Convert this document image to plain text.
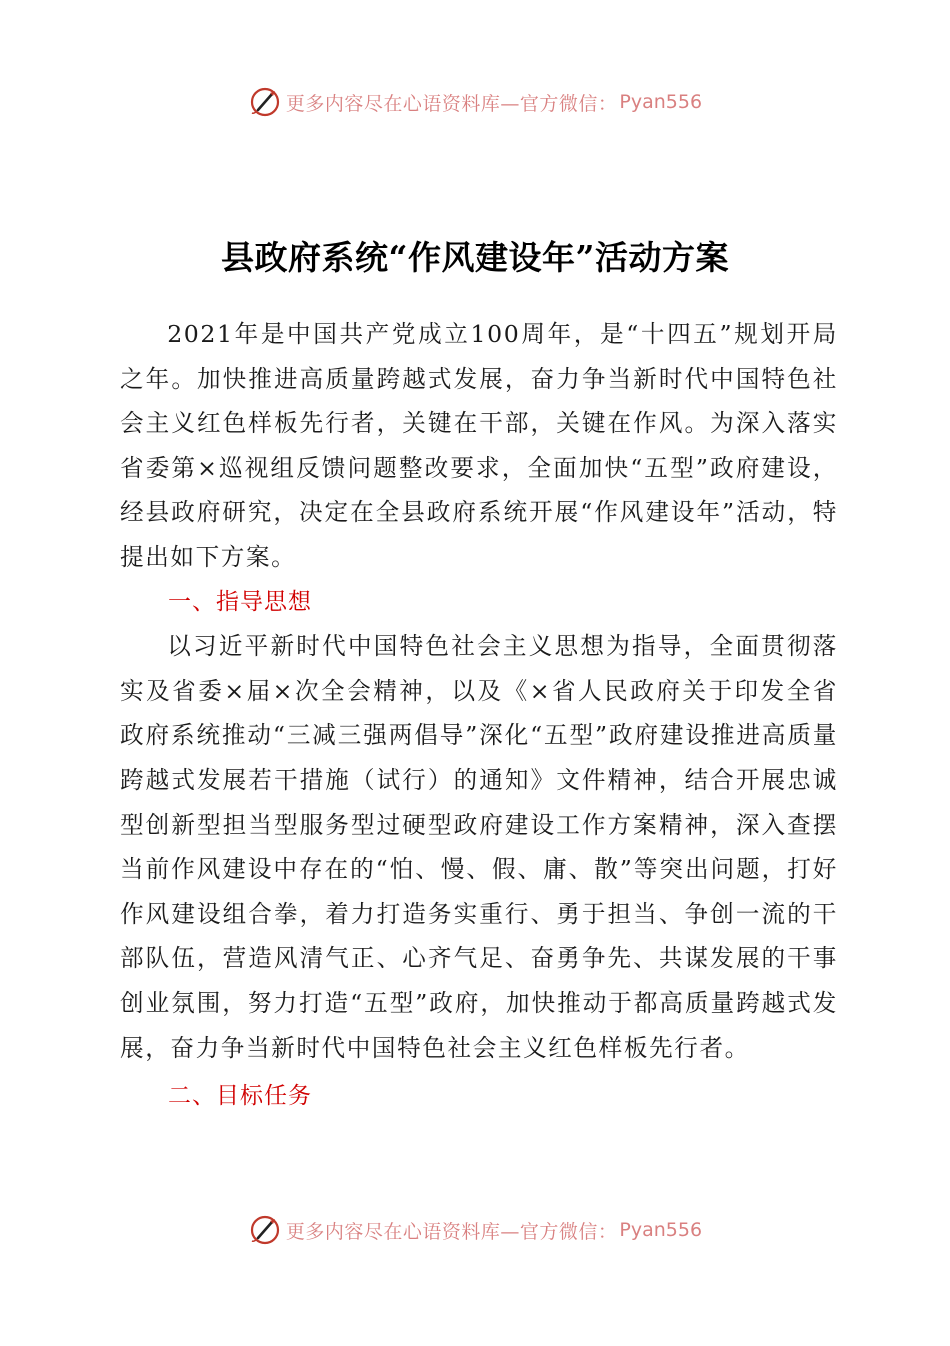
更多内容尽在心语资料库—官方微信： Pyan556
县政府系统“作风建设年”活动方案

2021年是中国共产党成立100周年，是“十四五”规划开局之年。加快推进高质量跨越式发展，奋力争当新时代中国特色社会主义红色样板先行者，关键在干部，关键在作风。为深入落实省委第×巡视组反馈问题整改要求，全面加快“五型”政府建设，经县政府研究，决定在全县政府系统开展“作风建设年”活动，特提出如下方案。

一、指导思想

以习近平新时代中国特色社会主义思想为指导，全面贯彻落实及省委×届×次全会精神，以及《×省人民政府关于印发全省政府系统推动“三减三强两倡导”深化“五型”政府建设推进高质量跨越式发展若干措施（试行）的通知》文件精神，结合开展忠诚型创新型担当型服务型过硬型政府建设工作方案精神，深入查摆当前作风建设中存在的“怕、慢、假、庸、散”等突出问题，打好作风建设组合拳，着力打造务实重行、勇于担当、争创一流的干部队伍，营造风清气正、心齐气足、奋勇争先、共谋发展的干事创业氛围，努力打造“五型”政府，加快推动于都高质量跨越式发展，奋力争当新时代中国特色社会主义红色样板先行者。

二、目标任务

更多内容尽在心语资料库—官方微信： Pyan556
